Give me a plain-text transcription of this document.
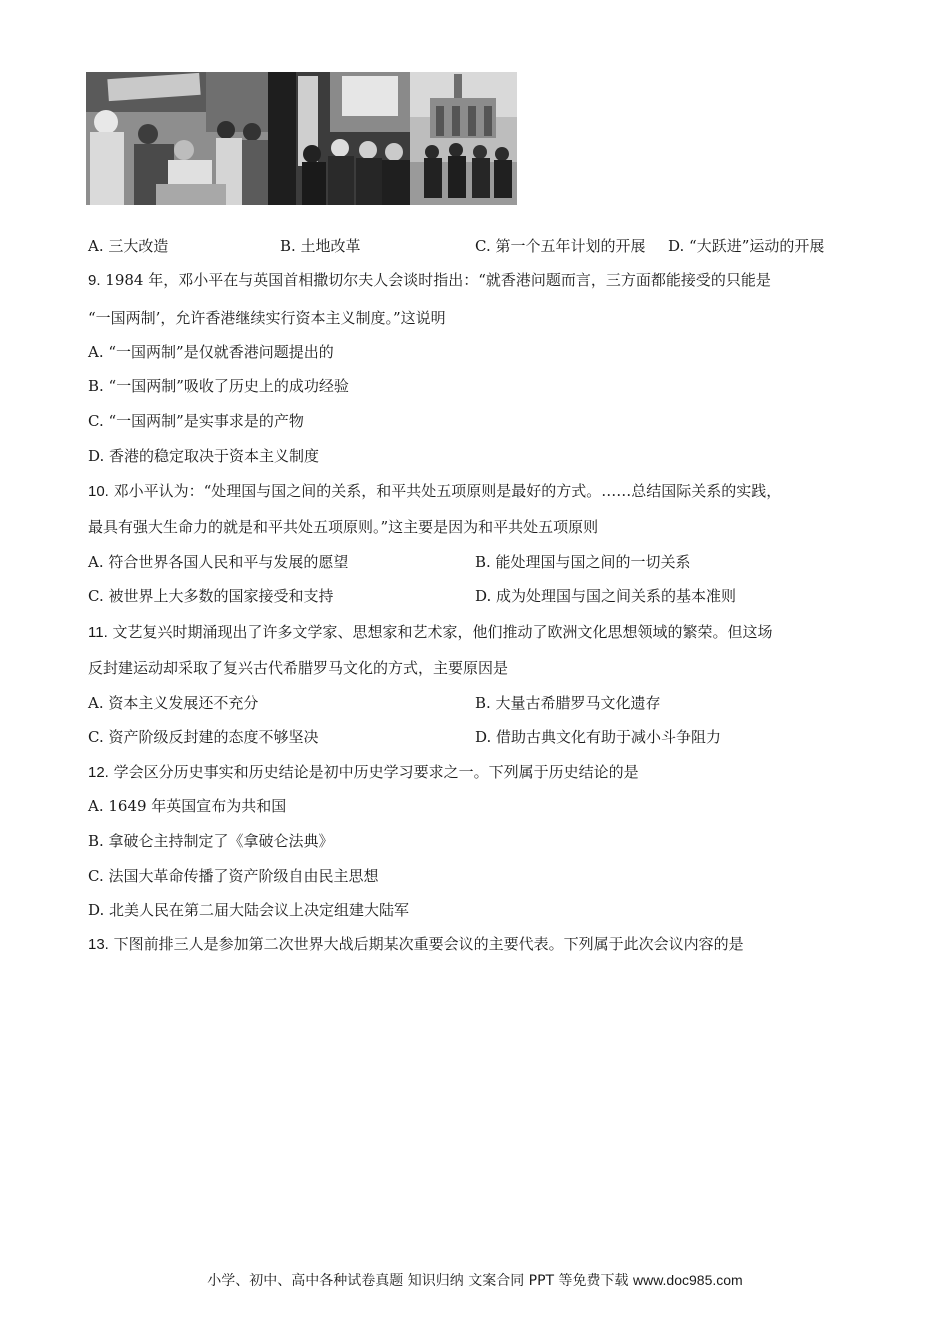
A. 三大改造	B. 土地改革	C. 第一个五年计划的开展 D. “大跃进”运动的开展
9. 1984 年，邓小平在与英国首相撒切尔夫人会谈时指出：“就香港问题而言，三方面都能接受的只能是
“一国两制’，允许香港继续实行资本主义制度。”这说明
A. “一国两制”是仅就香港问题提出的
B. “一国两制”吸收了历史上的成功经验
C. “一国两制”是实事求是的产物
D. 香港的稳定取决于资本主义制度
10. 邓小平认为：“处理国与国之间的关系，和平共处五项原则是最好的方式。……总结国际关系的实践，
最具有强大生命力的就是和平共处五项原则。”这主要是因为和平共处五项原则
A. 符合世界各国人民和平与发展的愿望	B. 能处理国与国之间的一切关系
C. 被世界上大多数的国家接受和支持	D. 成为处理国与国之间关系的基本准则
11. 文艺复兴时期涌现出了许多文学家、思想家和艺术家，他们推动了欧洲文化思想领域的繁荣。但这场
反封建运动却采取了复兴古代希腊罗马文化的方式，主要原因是
A. 资本主义发展还不充分	B. 大量古希腊罗马文化遗存
C. 资产阶级反封建的态度不够坚决	D. 借助古典文化有助于减小斗争阻力
12. 学会区分历史事实和历史结论是初中历史学习要求之一。下列属于历史结论的是
A. 1649 年英国宣布为共和国
B. 拿破仑主持制定了《拿破仑法典》
C. 法国大革命传播了资产阶级自由民主思想
D. 北美人民在第二届大陆会议上决定组建大陆军
13. 下图前排三人是参加第二次世界大战后期某次重要会议的主要代表。下列属于此次会议内容的是
小学、初中、高中各种试卷真题 知识归纳 文案合同 PPT 等免费下载 www.doc985.com
